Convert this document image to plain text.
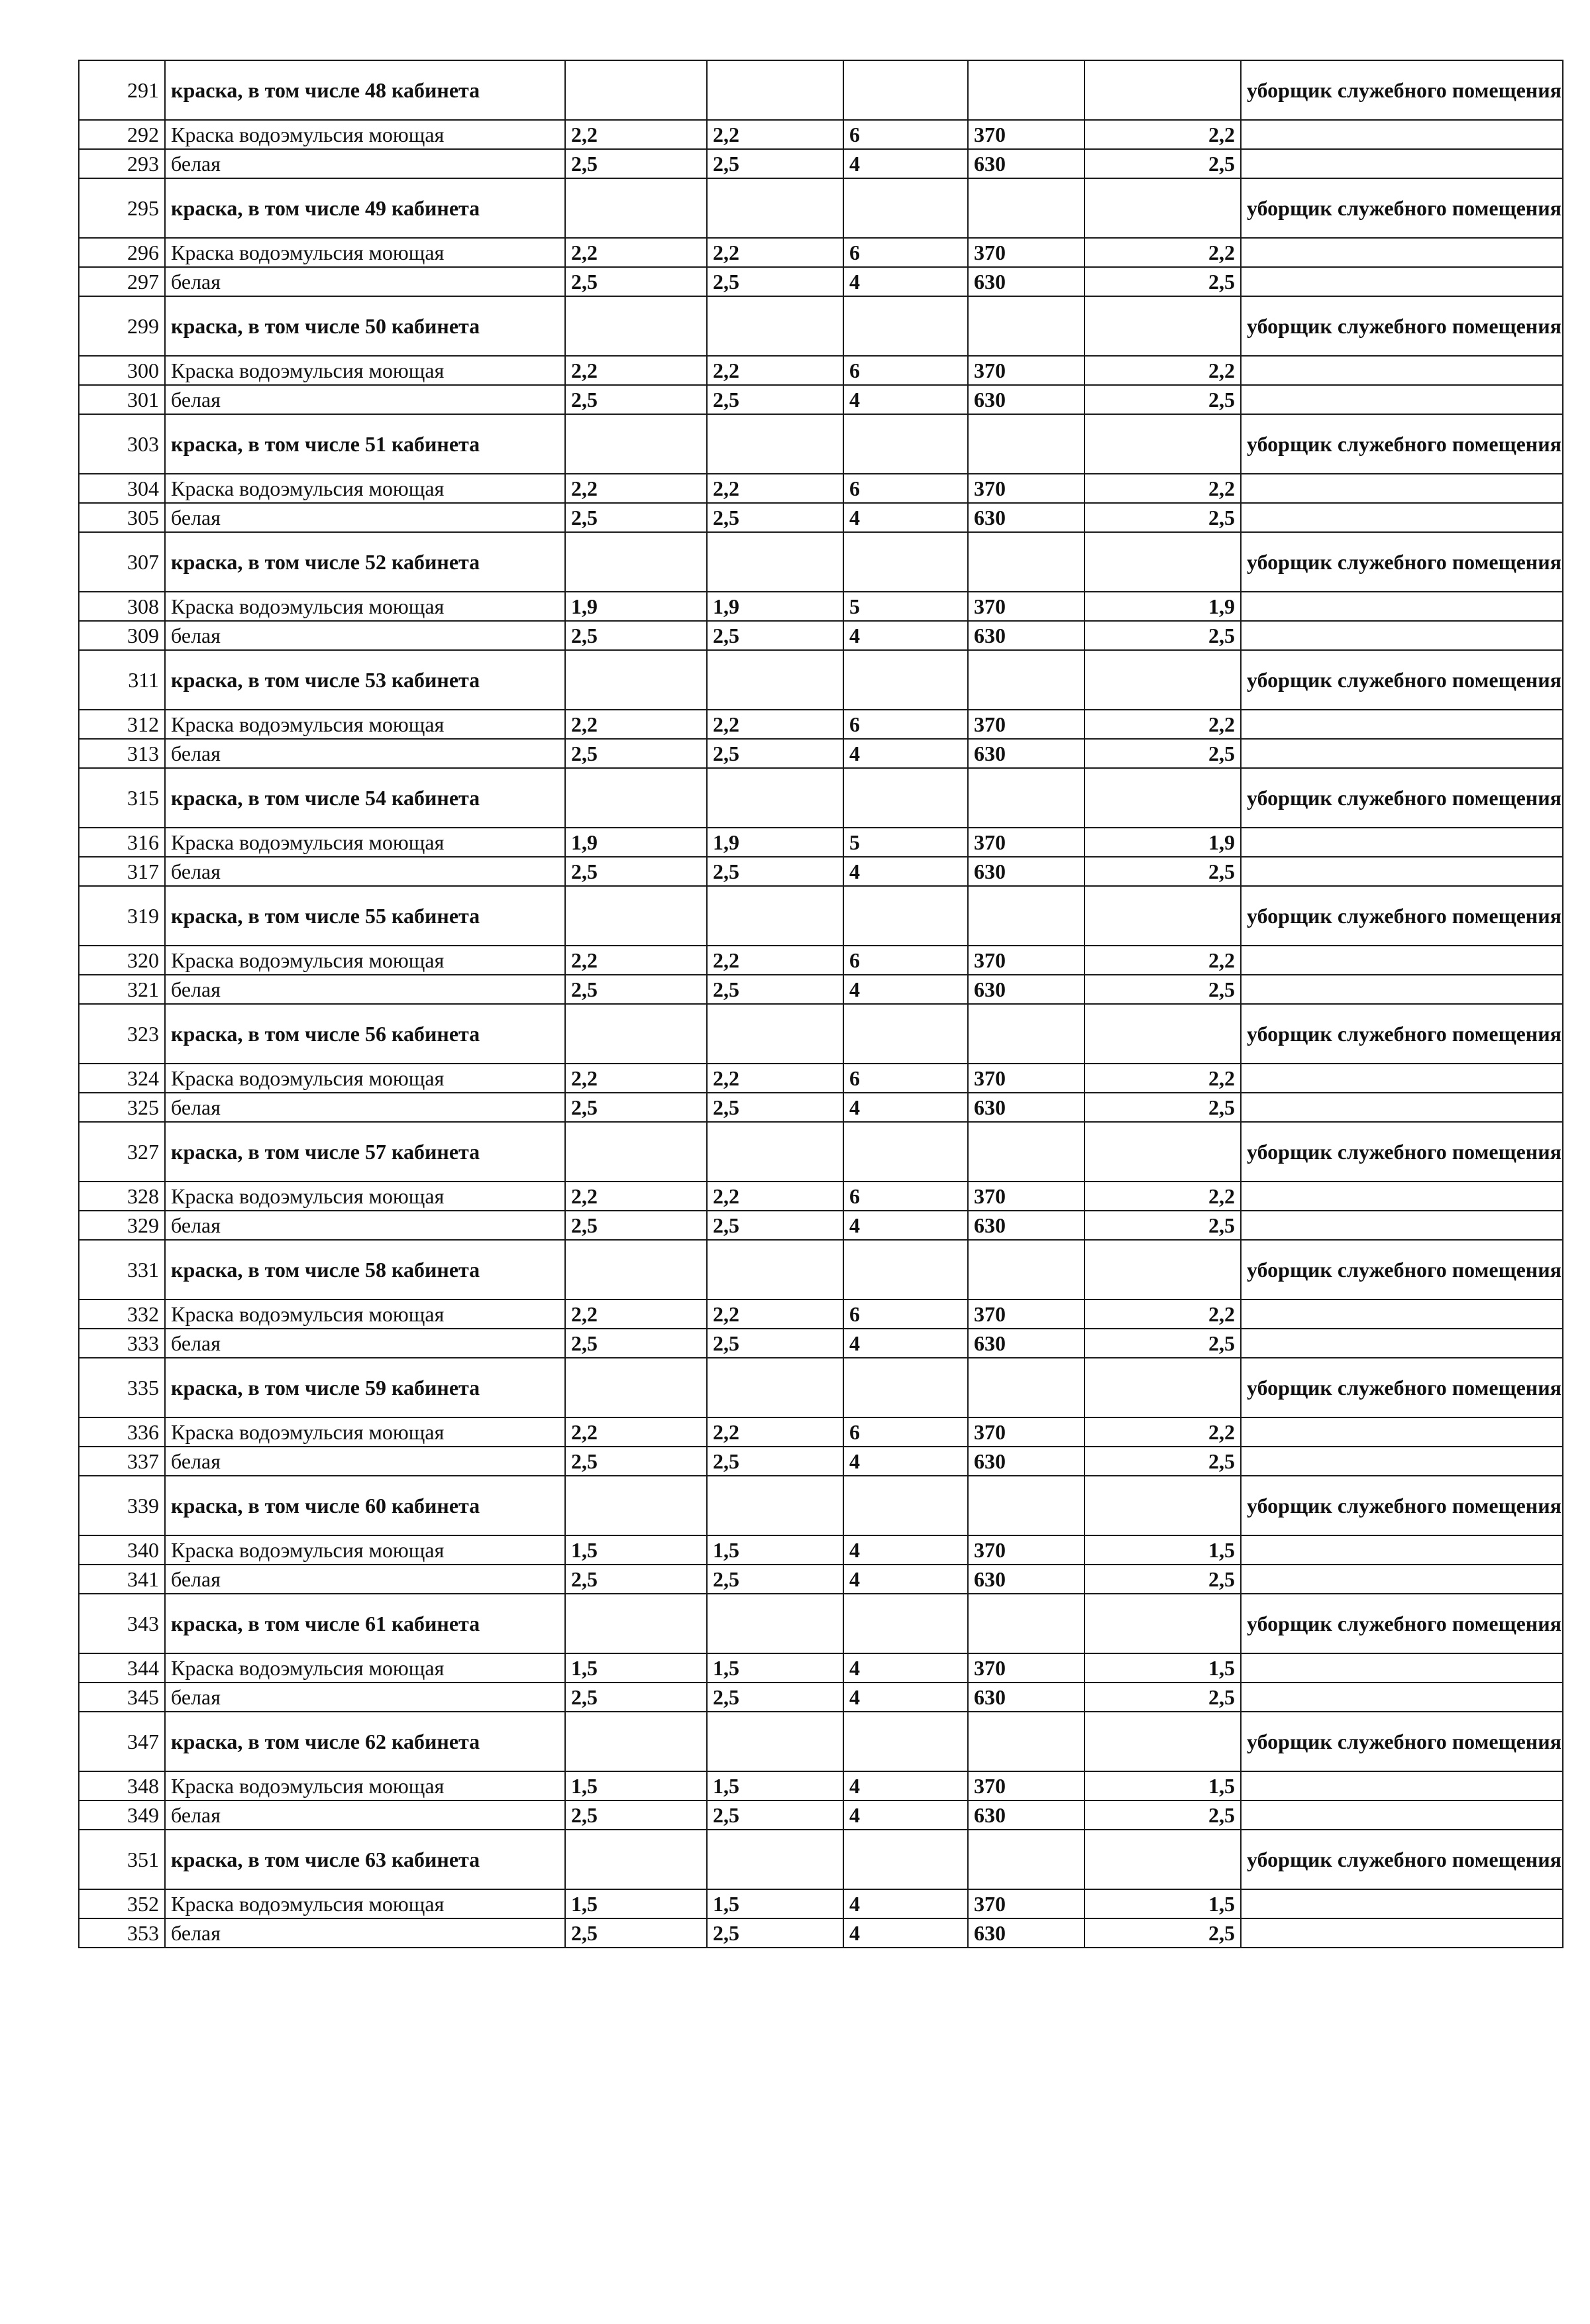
291	краска, в том числе 48 кабинета						уборщик служебного помещения
292	Краска водоэмульсия моющая	2,2	2,2	6	370	2,2	
293	белая	2,5	2,5	4	630	2,5	
295	краска, в том числе 49 кабинета						уборщик служебного помещения
296	Краска водоэмульсия моющая	2,2	2,2	6	370	2,2	
297	белая	2,5	2,5	4	630	2,5	
299	краска, в том числе 50 кабинета						уборщик служебного помещения
300	Краска водоэмульсия моющая	2,2	2,2	6	370	2,2	
301	белая	2,5	2,5	4	630	2,5	
303	краска, в том числе 51 кабинета						уборщик служебного помещения
304	Краска водоэмульсия моющая	2,2	2,2	6	370	2,2	
305	белая	2,5	2,5	4	630	2,5	
307	краска, в том числе 52 кабинета						уборщик служебного помещения
308	Краска водоэмульсия моющая	1,9	1,9	5	370	1,9	
309	белая	2,5	2,5	4	630	2,5	
311	краска, в том числе 53 кабинета						уборщик служебного помещения
312	Краска водоэмульсия моющая	2,2	2,2	6	370	2,2	
313	белая	2,5	2,5	4	630	2,5	
315	краска, в том числе 54 кабинета						уборщик служебного помещения
316	Краска водоэмульсия моющая	1,9	1,9	5	370	1,9	
317	белая	2,5	2,5	4	630	2,5	
319	краска, в том числе 55 кабинета						уборщик служебного помещения
320	Краска водоэмульсия моющая	2,2	2,2	6	370	2,2	
321	белая	2,5	2,5	4	630	2,5	
323	краска, в том числе 56 кабинета						уборщик служебного помещения
324	Краска водоэмульсия моющая	2,2	2,2	6	370	2,2	
325	белая	2,5	2,5	4	630	2,5	
327	краска, в том числе 57 кабинета						уборщик служебного помещения
328	Краска водоэмульсия моющая	2,2	2,2	6	370	2,2	
329	белая	2,5	2,5	4	630	2,5	
331	краска, в том числе 58 кабинета						уборщик служебного помещения
332	Краска водоэмульсия моющая	2,2	2,2	6	370	2,2	
333	белая	2,5	2,5	4	630	2,5	
335	краска, в том числе 59 кабинета						уборщик служебного помещения
336	Краска водоэмульсия моющая	2,2	2,2	6	370	2,2	
337	белая	2,5	2,5	4	630	2,5	
339	краска, в том числе 60 кабинета						уборщик служебного помещения
340	Краска водоэмульсия моющая	1,5	1,5	4	370	1,5	
341	белая	2,5	2,5	4	630	2,5	
343	краска, в том числе 61 кабинета						уборщик служебного помещения
344	Краска водоэмульсия моющая	1,5	1,5	4	370	1,5	
345	белая	2,5	2,5	4	630	2,5	
347	краска, в том числе 62 кабинета						уборщик служебного помещения
348	Краска водоэмульсия моющая	1,5	1,5	4	370	1,5	
349	белая	2,5	2,5	4	630	2,5	
351	краска, в том числе 63 кабинета						уборщик служебного помещения
352	Краска водоэмульсия моющая	1,5	1,5	4	370	1,5	
353	белая	2,5	2,5	4	630	2,5	
